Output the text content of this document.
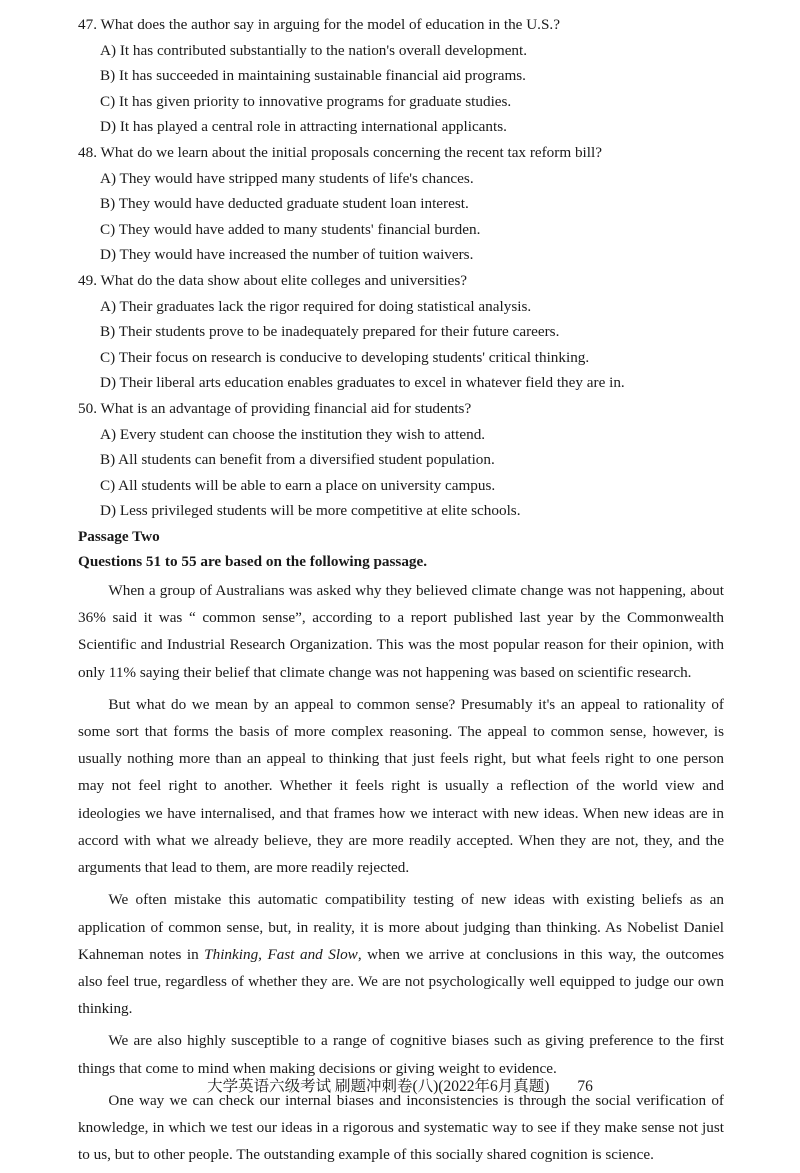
47. What does the author say in arguing for the model of education in the U.S.?
A) It has contributed substantially to the nation's overall development.
B) It has succeeded in maintaining sustainable financial aid programs.
C) It has given priority to innovative programs for graduate studies.
D) It has played a central role in attracting international applicants.
48. What do we learn about the initial proposals concerning the recent tax reform bill?
A) They would have stripped many students of life's chances.
B) They would have deducted graduate student loan interest.
C) They would have added to many students' financial burden.
D) They would have increased the number of tuition waivers.
49. What do the data show about elite colleges and universities?
A) Their graduates lack the rigor required for doing statistical analysis.
B) Their students prove to be inadequately prepared for their future careers.
C) Their focus on research is conducive to developing students' critical thinking.
D) Their liberal arts education enables graduates to excel in whatever field they are in.
50. What is an advantage of providing financial aid for students?
A) Every student can choose the institution they wish to attend.
B) All students can benefit from a diversified student population.
C) All students will be able to earn a place on university campus.
D) Less privileged students will be more competitive at elite schools.
Passage Two
Questions 51 to 55 are based on the following passage.

When a group of Australians was asked why they believed climate change was not happening, about 36% said it was “ common sense”, according to a report published last year by the Commonwealth Scientific and Industrial Research Organization. This was the most popular reason for their opinion, with only 11% saying their belief that climate change was not happening was based on scientific research.

But what do we mean by an appeal to common sense? Presumably it's an appeal to rationality of some sort that forms the basis of more complex reasoning. The appeal to common sense, however, is usually nothing more than an appeal to thinking that just feels right, but what feels right to one person may not feel right to another. Whether it feels right is usually a reflection of the world view and ideologies we have internalised, and that frames how we interact with new ideas. When new ideas are in accord with what we already believe, they are more readily accepted. When they are not, they, and the arguments that lead to them, are more readily rejected.

We often mistake this automatic compatibility testing of new ideas with existing beliefs as an application of common sense, but, in reality, it is more about judging than thinking. As Nobelist Daniel Kahneman notes in Thinking, Fast and Slow, when we arrive at conclusions in this way, the outcomes also feel true, regardless of whether they are. We are not psychologically well equipped to judge our own thinking.

We are also highly susceptible to a range of cognitive biases such as giving preference to the first things that come to mind when making decisions or giving weight to evidence.

One way we can check our internal biases and inconsistencies is through the social verification of knowledge, in which we test our ideas in a rigorous and systematic way to see if they make sense not just to us, but to other people. The outstanding example of this socially shared cognition is science.

大学英语六级考试 刷题冲刺卷(八)(2022年6月真题) 76
